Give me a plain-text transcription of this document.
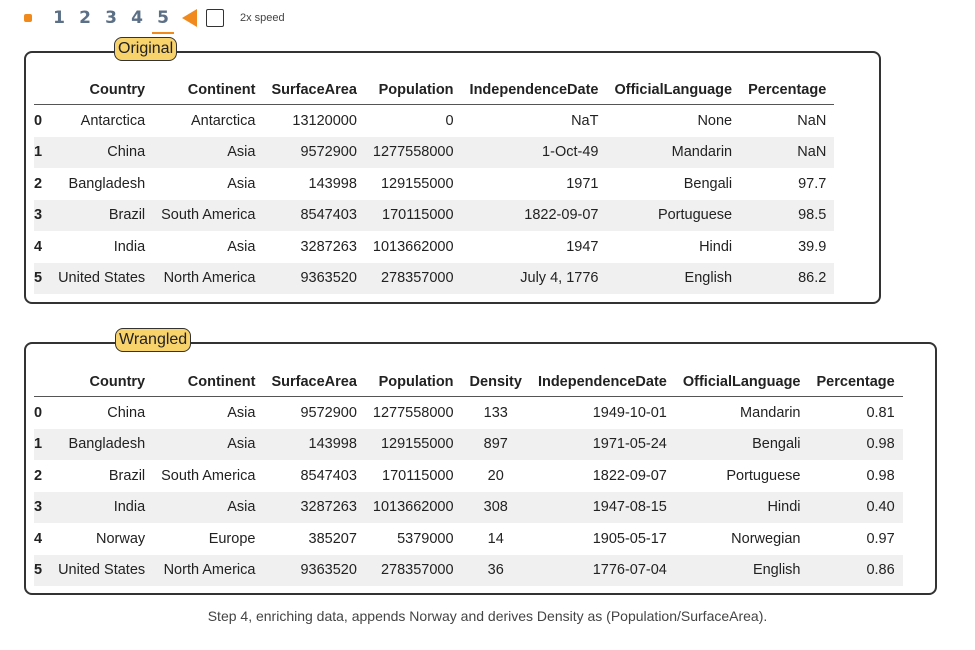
1 2 3 4 5	2x speed
Original
	Country	Continent	SurfaceArea	Population	IndependenceDate	OfficialLanguage	Percentage
0	Antarctica	Antarctica	13120000	0	NaT	None	NaN
1	China	Asia	9572900	1277558000	1-Oct-49	Mandarin	NaN
2	Bangladesh	Asia	143998	129155000	1971	Bengali	97.7
3	Brazil	South America	8547403	170115000	1822-09-07	Portuguese	98.5
4	India	Asia	3287263	1013662000	1947	Hindi	39.9
5	United States	North America	9363520	278357000	July 4, 1776	English	86.2
Wrangled
	Country	Continent	SurfaceArea	Population	Density	IndependenceDate	OfficialLanguage	Percentage
0	China	Asia	9572900	1277558000	133	1949-10-01	Mandarin	0.81
1	Bangladesh	Asia	143998	129155000	897	1971-05-24	Bengali	0.98
2	Brazil	South America	8547403	170115000	20	1822-09-07	Portuguese	0.98
3	India	Asia	3287263	1013662000	308	1947-08-15	Hindi	0.40
4	Norway	Europe	385207	5379000	14	1905-05-17	Norwegian	0.97
5	United States	North America	9363520	278357000	36	1776-07-04	English	0.86
Step 4, enriching data, appends Norway and derives Density as (Population/SurfaceArea).
